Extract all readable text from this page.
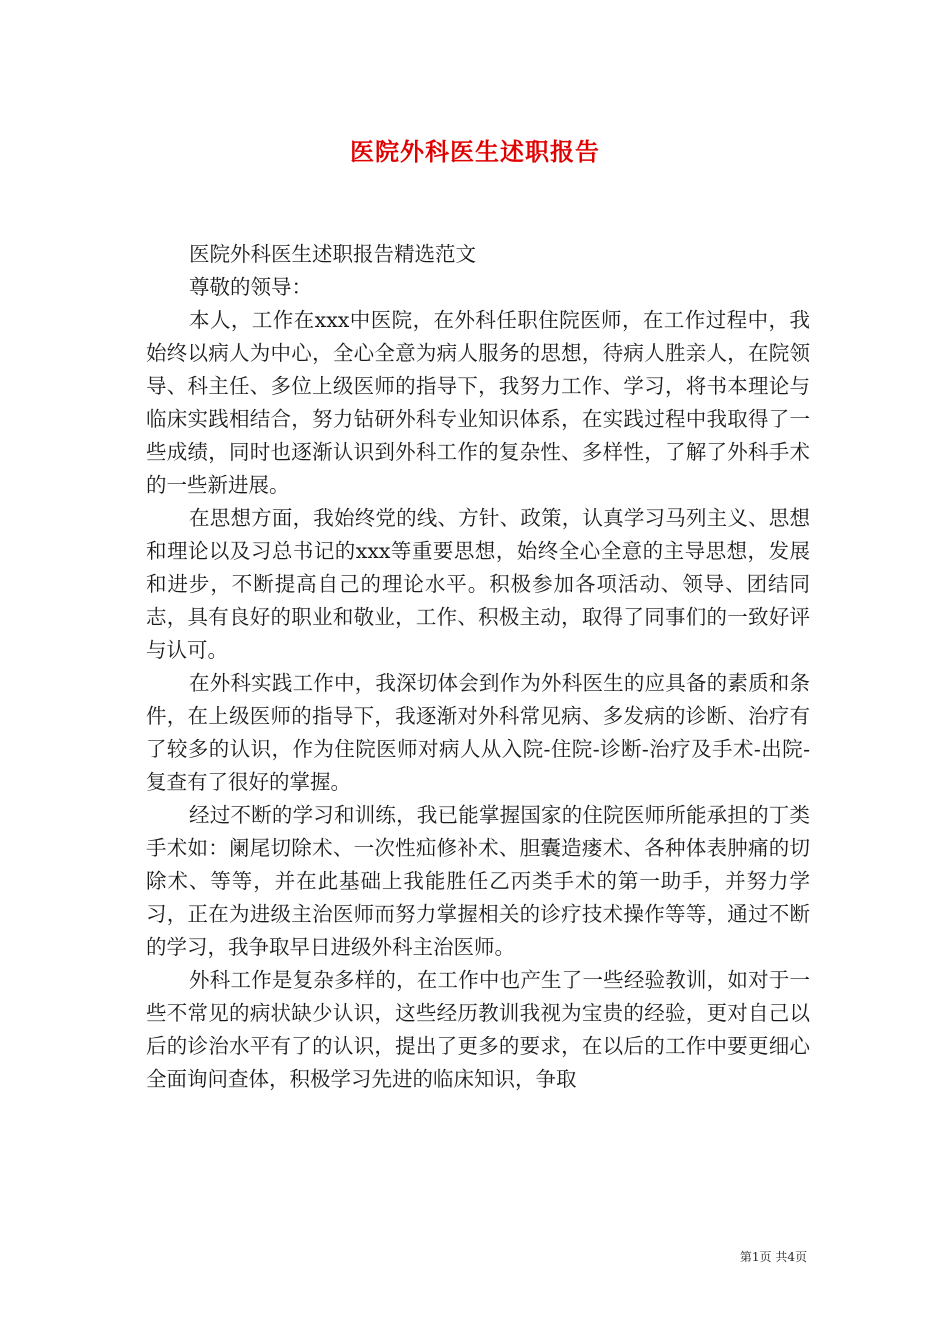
医院外科医生述职报告

医院外科医生述职报告精选范文

尊敬的领导：

本人，工作在xxx中医院，在外科任职住院医师，在工作过程中，我始终以病人为中心，全心全意为病人服务的思想，待病人胜亲人，在院领导、科主任、多位上级医师的指导下，我努力工作、学习，将书本理论与临床实践相结合，努力钻研外科专业知识体系，在实践过程中我取得了一些成绩，同时也逐渐认识到外科工作的复杂性、多样性，了解了外科手术的一些新进展。

在思想方面，我始终党的线、方针、政策，认真学习马列主义、思想和理论以及习总书记的xxx等重要思想，始终全心全意的主导思想，发展和进步，不断提高自己的理论水平。积极参加各项活动、领导、团结同志，具有良好的职业和敬业，工作、积极主动，取得了同事们的一致好评与认可。

在外科实践工作中，我深切体会到作为外科医生的应具备的素质和条件，在上级医师的指导下，我逐渐对外科常见病、多发病的诊断、治疗有了较多的认识，作为住院医师对病人从入院-住院-诊断-治疗及手术-出院-复查有了很好的掌握。

经过不断的学习和训练，我已能掌握国家的住院医师所能承担的丁类手术如：阑尾切除术、一次性疝修补术、胆囊造瘘术、各种体表肿痛的切除术、等等，并在此基础上我能胜任乙丙类手术的第一助手，并努力学习，正在为进级主治医师而努力掌握相关的诊疗技术操作等等，通过不断的学习，我争取早日进级外科主治医师。

外科工作是复杂多样的，在工作中也产生了一些经验教训，如对于一些不常见的病状缺少认识，这些经历教训我视为宝贵的经验，更对自己以后的诊治水平有了的认识，提出了更多的要求，在以后的工作中要更细心全面询问查体，积极学习先进的临床知识，争取

第1页 共4页
